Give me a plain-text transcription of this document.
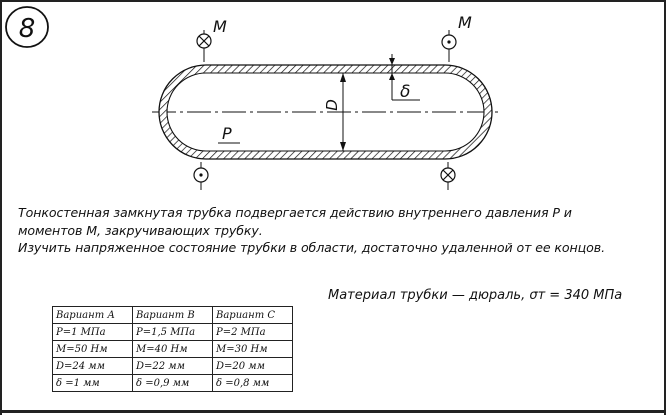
D
δ
P
M	M

Тонкостенная замкнутая трубка подвергается действию внутреннего давления P и

моментов M, закручивающих трубку.

Изучить напряженное состояние трубки в области, достаточно удаленной от ее концов.

Материал трубки — дюраль, σт = 340 МПа
Вариант А	Вариант В	Вариант С
P=1 МПа	P=1,5 МПа	P=2 МПа
M=50 Нм	M=40 Нм	M=30 Нм
D=24 мм	D=22 мм	D=20 мм
δ =1 мм	δ =0,9 мм	δ =0,8 мм
